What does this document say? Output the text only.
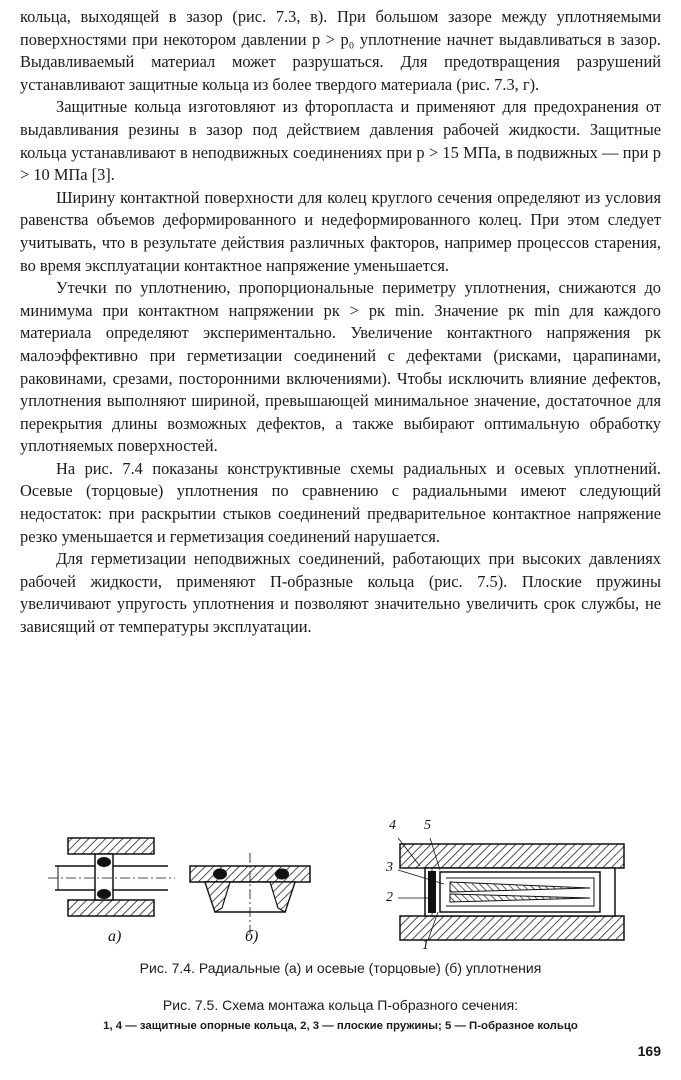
кольца, выходящей в зазор (рис. 7.3, в). При большом зазоре между уплотняемыми поверхностями при некотором давлении p > p₀ уплотнение начнет выдавливаться в зазор. Выдавливаемый материал может разрушаться. Для предотвращения разрушений устанавливают защитные кольца из более твердого материала (рис. 7.3, г).

Защитные кольца изготовляют из фторопласта и применяют для предохранения от выдавливания резины в зазор под действием давления рабочей жидкости. Защитные кольца устанавливают в неподвижных соединениях при p > 15 МПа, в подвижных — при p > 10 МПа [3].

Ширину контактной поверхности для колец круглого сечения определяют из условия равенства объемов деформированного и недеформированного колец. При этом следует учитывать, что в результате действия различных факторов, например процессов старения, во время эксплуатации контактное напряжение уменьшается.

Утечки по уплотнению, пропорциональные периметру уплотнения, снижаются до минимума при контактном напряжении pк > pк min. Значение pк min для каждого материала определяют экспериментально. Увеличение контактного напряжения pк малоэффективно при герметизации соединений с дефектами (рисками, царапинами, раковинами, срезами, посторонними включениями). Чтобы исключить влияние дефектов, уплотнения выполняют шириной, превышающей минимальное значение, достаточное для перекрытия длины возможных дефектов, а также выбирают оптимальную обработку уплотняемых поверхностей.

На рис. 7.4 показаны конструктивные схемы радиальных и осевых уплотнений. Осевые (торцовые) уплотнения по сравнению с радиальными имеют следующий недостаток: при раскрытии стыков соединений предварительное контактное напряжение резко уменьшается и герметизация соединений нарушается.

Для герметизации неподвижных соединений, работающих при высоких давлениях рабочей жидкости, применяют П-образные кольца (рис. 7.5). Плоские пружины увеличивают упругость уплотнения и позволяют значительно увеличить срок службы, не зависящий от температуры эксплуатации.

а)	б)
4 5
3
2
1
Рис. 7.4. Радиальные (а) и осевые (торцовые) (б) уплотнения
Рис. 7.5. Схема монтажа кольца П-образного сечения:
1, 4 — защитные опорные кольца, 2, 3 — плоские пружины; 5 — П-образное кольцо
169
